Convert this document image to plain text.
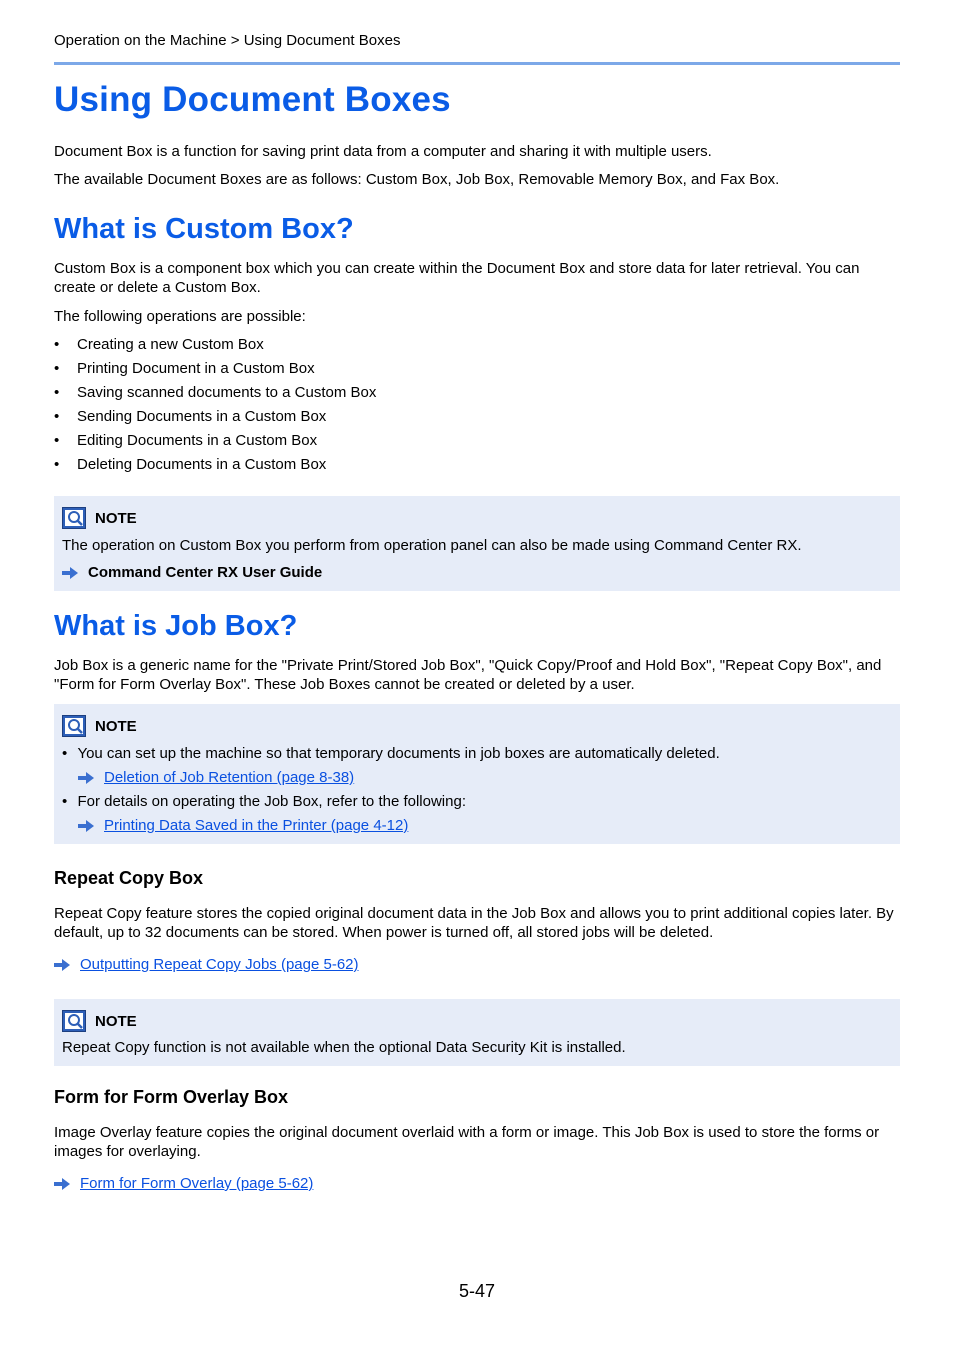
Operation on the Machine > Using Document Boxes
Using Document Boxes
Document Box is a function for saving print data from a computer and sharing it with multiple users.
The available Document Boxes are as follows: Custom Box, Job Box, Removable Memory Box, and Fax Box.
What is Custom Box?
Custom Box is a component box which you can create within the Document Box and store data for later retrieval. You can create or delete a Custom Box.
The following operations are possible:
• Creating a new Custom Box
• Printing Document in a Custom Box
• Saving scanned documents to a Custom Box
• Sending Documents in a Custom Box
• Editing Documents in a Custom Box
• Deleting Documents in a Custom Box
NOTE
The operation on Custom Box you perform from operation panel can also be made using Command Center RX.
Command Center RX User Guide
What is Job Box?
Job Box is a generic name for the "Private Print/Stored Job Box", "Quick Copy/Proof and Hold Box", "Repeat Copy Box", and "Form for Form Overlay Box". These Job Boxes cannot be created or deleted by a user.
NOTE
• You can set up the machine so that temporary documents in job boxes are automatically deleted.
Deletion of Job Retention (page 8-38)
• For details on operating the Job Box, refer to the following:
Printing Data Saved in the Printer (page 4-12)
Repeat Copy Box
Repeat Copy feature stores the copied original document data in the Job Box and allows you to print additional copies later. By default, up to 32 documents can be stored. When power is turned off, all stored jobs will be deleted.
Outputting Repeat Copy Jobs (page 5-62)
NOTE
Repeat Copy function is not available when the optional Data Security Kit is installed.
Form for Form Overlay Box
Image Overlay feature copies the original document overlaid with a form or image. This Job Box is used to store the forms or images for overlaying.
Form for Form Overlay (page 5-62)
5-47
